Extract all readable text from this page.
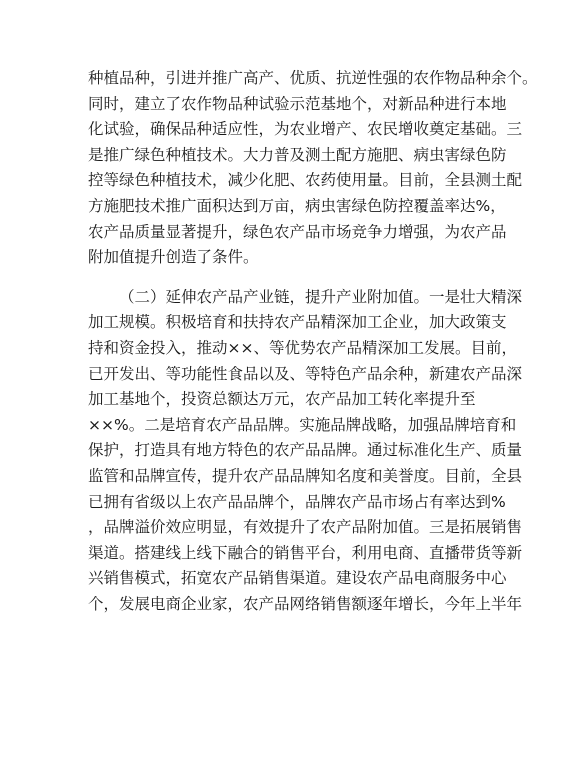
种植品种，引进并推广高产、优质、抗逆性强的农作物品种余个。
同时，建立了农作物品种试验示范基地个，对新品种进行本地
化试验，确保品种适应性，为农业增产、农民增收奠定基础。三
是推广绿色种植技术。大力普及测土配方施肥、病虫害绿色防
控等绿色种植技术，减少化肥、农药使用量。目前，全县测土配
方施肥技术推广面积达到万亩，病虫害绿色防控覆盖率达%，
农产品质量显著提升，绿色农产品市场竞争力增强，为农产品
附加值提升创造了条件。
（二）延伸农产品产业链，提升产业附加值。一是壮大精深
加工规模。积极培育和扶持农产品精深加工企业，加大政策支
持和资金投入，推动××、等优势农产品精深加工发展。目前，
已开发出、等功能性食品以及、等特色产品余种，新建农产品深
加工基地个，投资总额达万元，农产品加工转化率提升至
××%。二是培育农产品品牌。实施品牌战略，加强品牌培育和
保护，打造具有地方特色的农产品品牌。通过标准化生产、质量
监管和品牌宣传，提升农产品品牌知名度和美誉度。目前，全县
已拥有省级以上农产品品牌个，品牌农产品市场占有率达到%
，品牌溢价效应明显，有效提升了农产品附加值。三是拓展销售
渠道。搭建线上线下融合的销售平台，利用电商、直播带货等新
兴销售模式，拓宽农产品销售渠道。建设农产品电商服务中心
个，发展电商企业家，农产品网络销售额逐年增长，今年上半年
